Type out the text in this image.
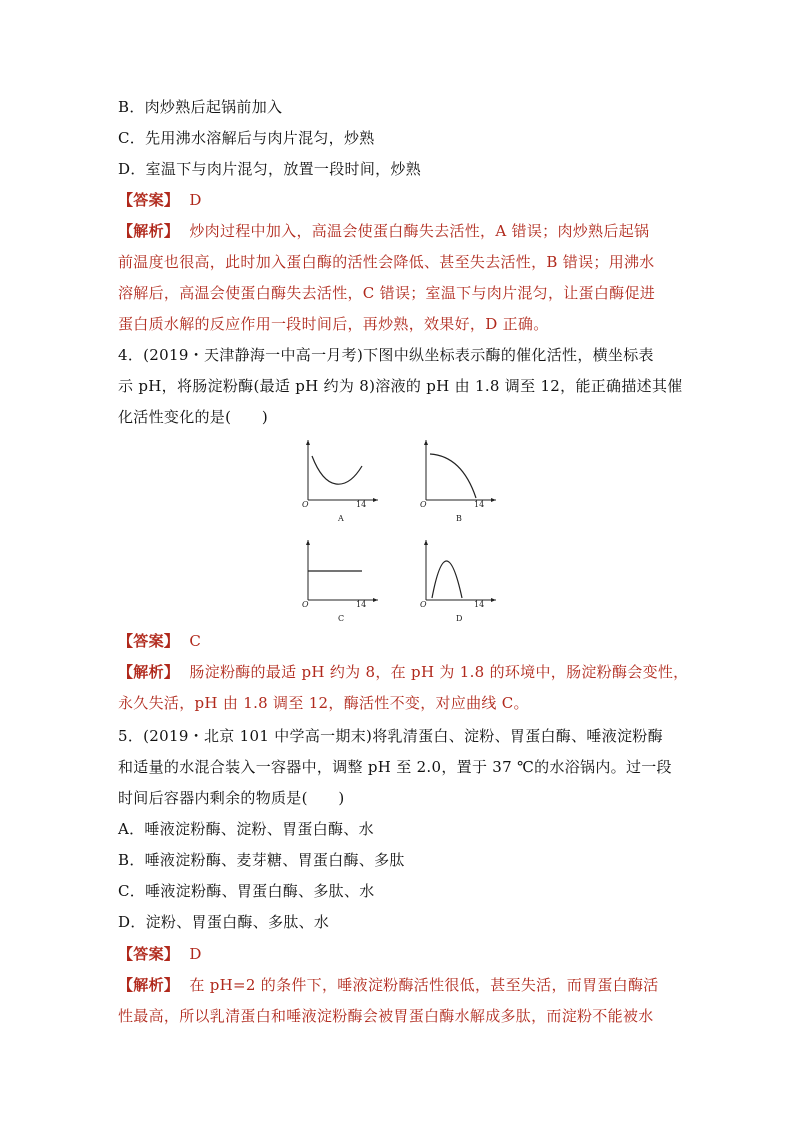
B．肉炒熟后起锅前加入
C．先用沸水溶解后与肉片混匀，炒熟
D．室温下与肉片混匀，放置一段时间，炒熟
【答案】 D
【解析】 炒肉过程中加入，高温会使蛋白酶失去活性，A 错误；肉炒熟后起锅
前温度也很高，此时加入蛋白酶的活性会降低、甚至失去活性，B 错误；用沸水
溶解后，高温会使蛋白酶失去活性，C 错误；室温下与肉片混匀，让蛋白酶促进
蛋白质水解的反应作用一段时间后，再炒熟，效果好，D 正确。
4．(2019・天津静海一中高一月考)下图中纵坐标表示酶的催化活性，横坐标表
示 pH，将肠淀粉酶(最适 pH 约为 8)溶液的 pH 由 1.8 调至 12，能正确描述其催
化活性变化的是(　　)
O	14
A
O	14
B
O	14
C
O	14
D
【答案】 C
【解析】 肠淀粉酶的最适 pH 约为 8，在 pH 为 1.8 的环境中，肠淀粉酶会变性，
永久失活，pH 由 1.8 调至 12，酶活性不变，对应曲线 C。
5．(2019・北京 101 中学高一期末)将乳清蛋白、淀粉、胃蛋白酶、唾液淀粉酶
和适量的水混合装入一容器中，调整 pH 至 2.0，置于 37 ℃的水浴锅内。过一段
时间后容器内剩余的物质是(　　)
A．唾液淀粉酶、淀粉、胃蛋白酶、水
B．唾液淀粉酶、麦芽糖、胃蛋白酶、多肽
C．唾液淀粉酶、胃蛋白酶、多肽、水
D．淀粉、胃蛋白酶、多肽、水
【答案】 D
【解析】 在 pH=2 的条件下，唾液淀粉酶活性很低，甚至失活，而胃蛋白酶活
性最高，所以乳清蛋白和唾液淀粉酶会被胃蛋白酶水解成多肽，而淀粉不能被水
